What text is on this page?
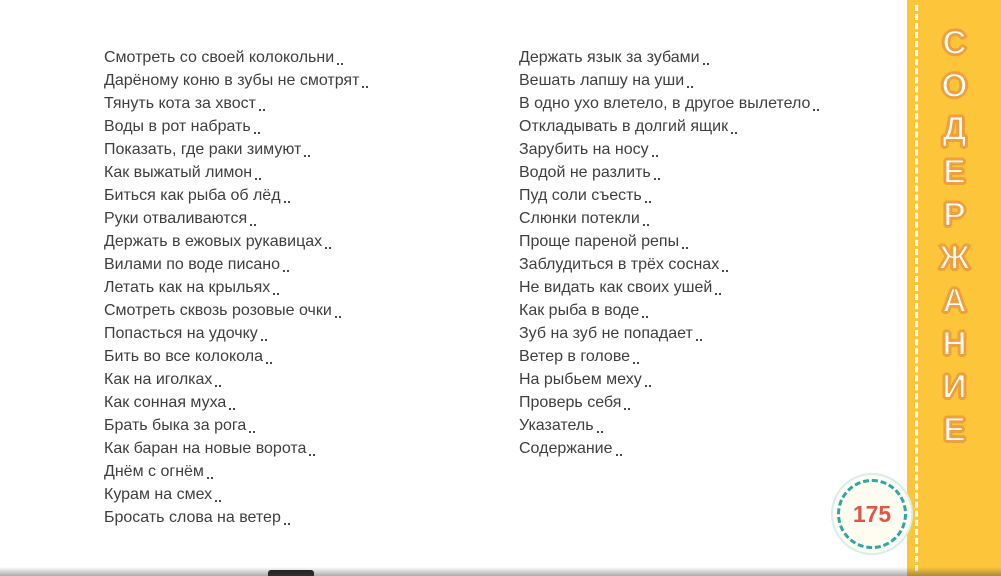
Смотреть со своей колокольни
Дарёному коню в зубы не смотрят
Тянуть кота за хвост
Воды в рот набрать
Показать, где раки зимуют
Как выжатый лимон
Биться как рыба об лёд
Руки отваливаются
Держать в ежовых рукавицах
Вилами по воде писано
Летать как на крыльях
Смотреть сквозь розовые очки
Попасться на удочку
Бить во все колокола
Как на иголках
Как сонная муха
Брать быка за рога
Как баран на новые ворота
Днём с огнём
Курам на смех
Бросать слова на ветер
Держать язык за зубами
Вешать лапшу на уши
В одно ухо влетело, в другое вылетело
Откладывать в долгий ящик
Зарубить на носу
Водой не разлить
Пуд соли съесть
Слюнки потекли
Проще пареной репы
Заблудиться в трёх соснах
Не видать как своих ушей
Как рыба в воде
Зуб на зуб не попадает
Ветер в голове
На рыбьем меху
Проверь себя
Указатель
Содержание	СОДЕРЖАНИЕ
175
